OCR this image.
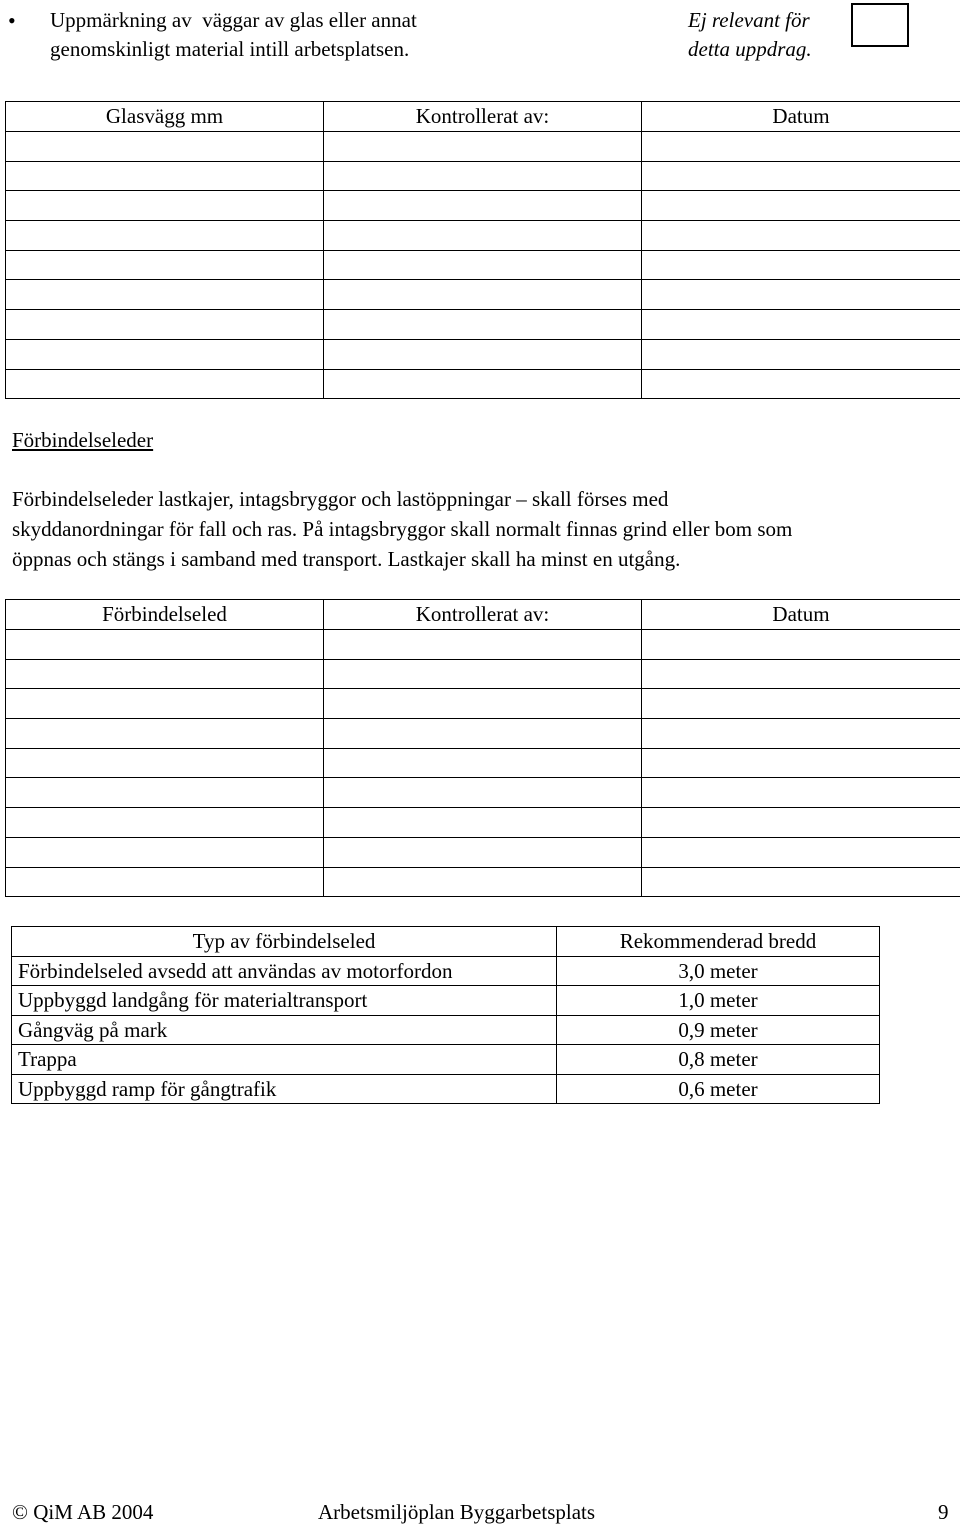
• Uppmärkning av  väggar av glas eller annat
genomskinligt material intill arbetsplatsen.
Ej relevant för
detta uppdrag.
Glasvägg mm	Kontrollerat av:	Datum

Förbindelseleder
Förbindelseleder lastkajer, intagsbryggor och lastöppningar – skall förses med
skyddanordningar för fall och ras. På intagsbryggor skall normalt finnas grind eller bom som
öppnas och stängs i samband med transport. Lastkajer skall ha minst en utgång.
Förbindelseled	Kontrollerat av:	Datum

Typ av förbindelseled	Rekommenderad bredd
Förbindelseled avsedd att användas av motorfordon	3,0 meter
Uppbyggd landgång för materialtransport	1,0 meter
Gångväg på mark	0,9 meter
Trappa	0,8 meter
Uppbyggd ramp för gångtrafik	0,6 meter
© QiM AB 2004	Arbetsmiljöplan Byggarbetsplats	9
